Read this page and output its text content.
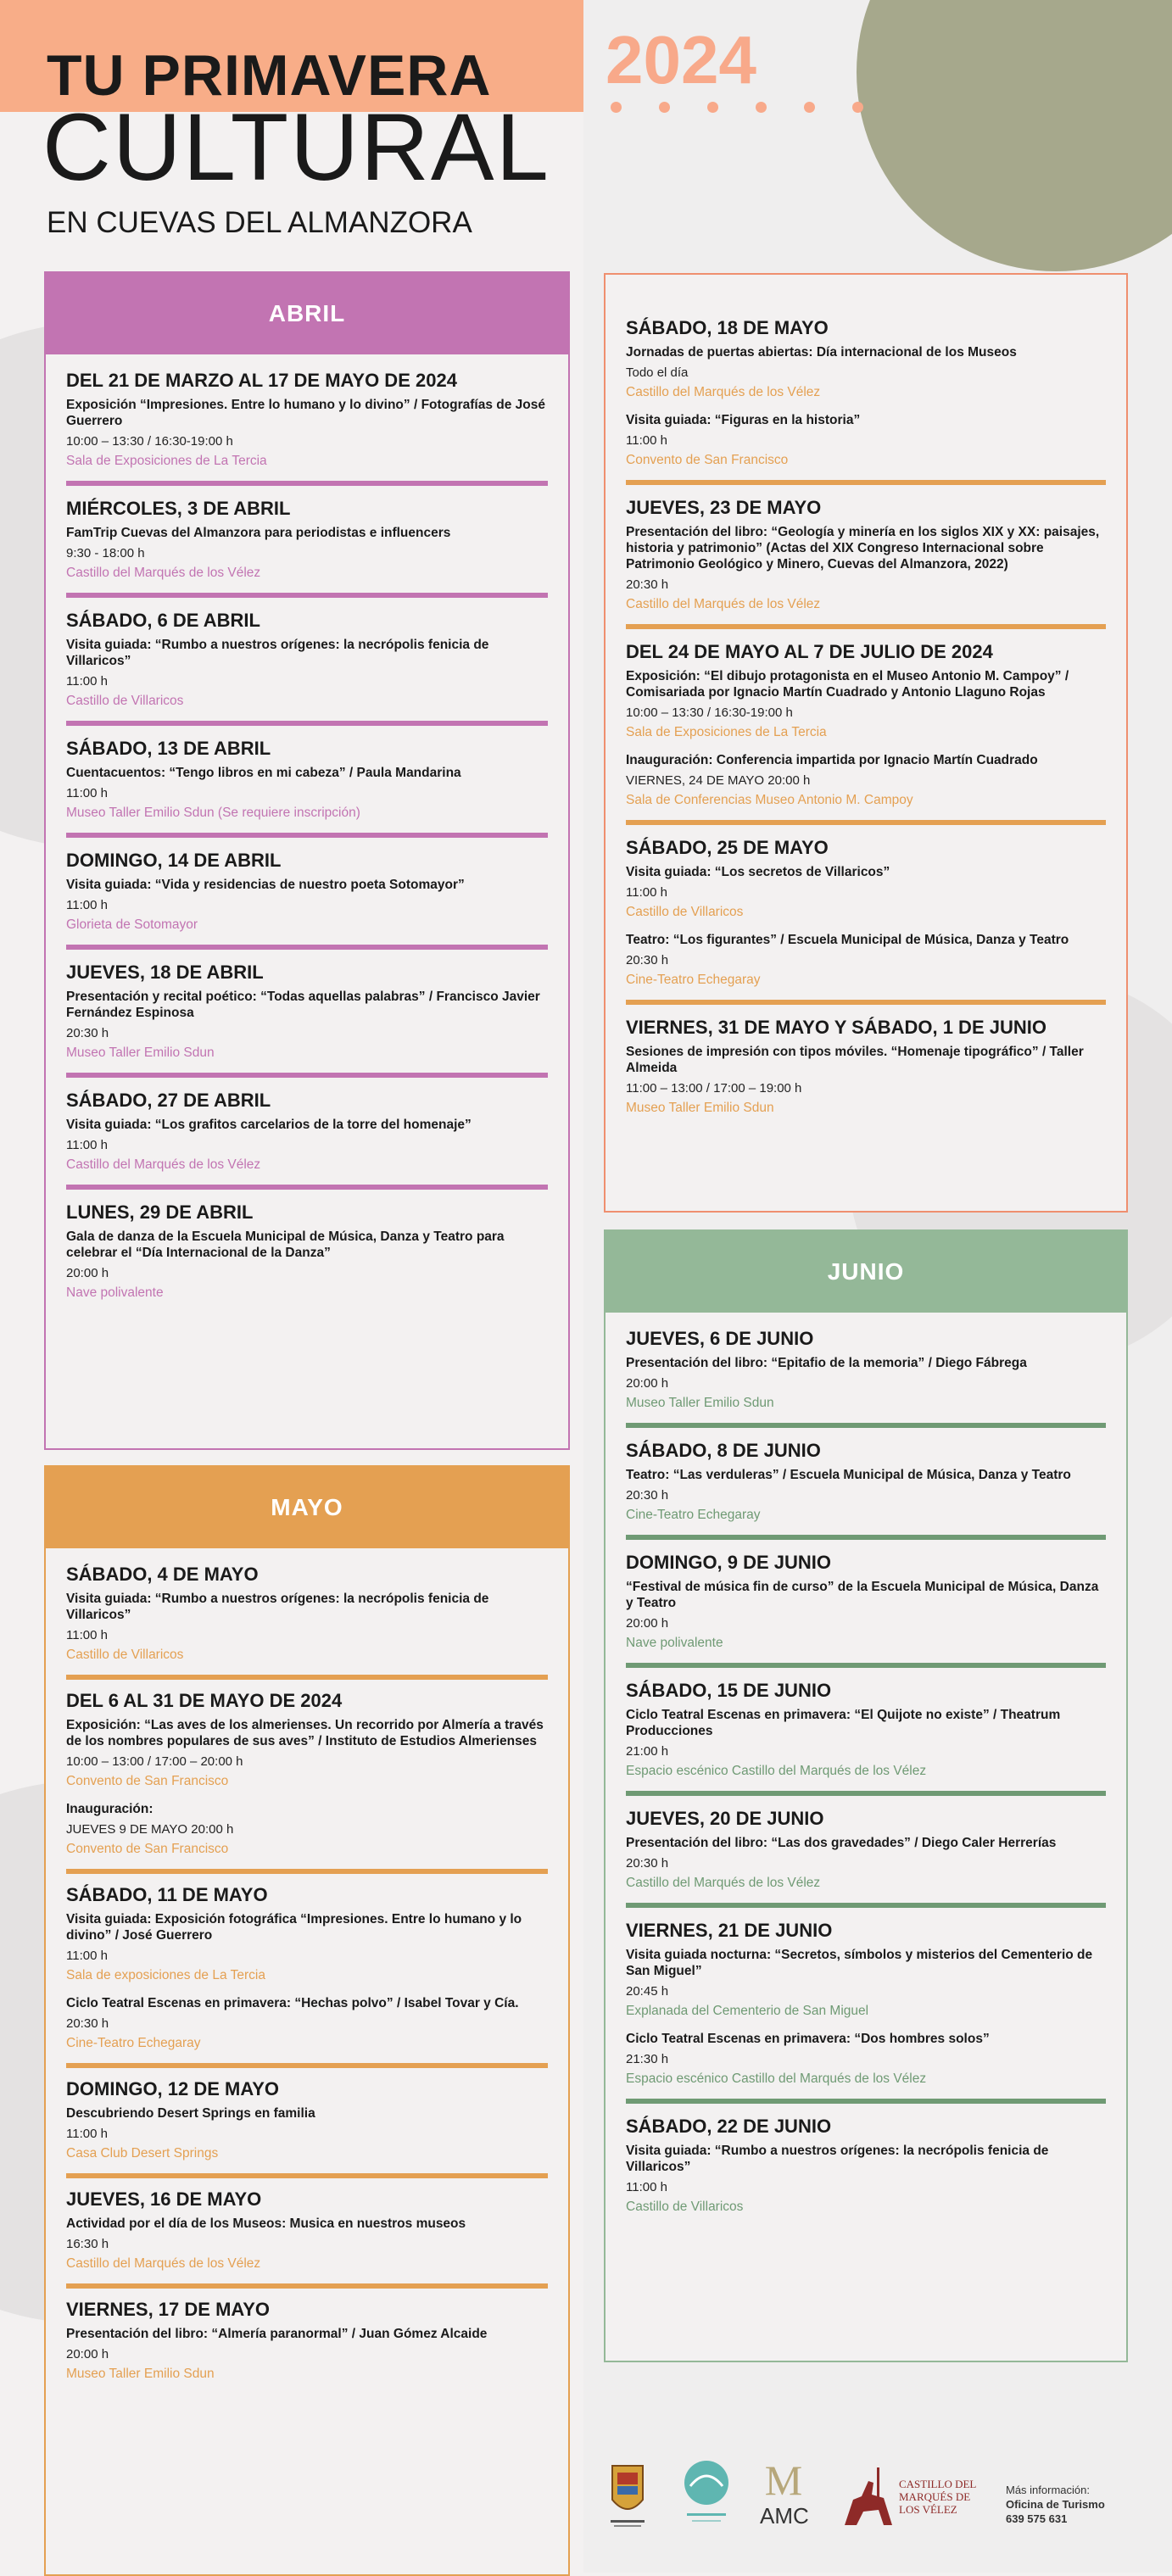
TU PRIMAVERA
CULTURAL
EN CUEVAS DEL ALMANZORA
2024
ABRIL
DEL 21 DE MARZO AL 17 DE MAYO DE 2024
Exposición “Impresiones. Entre lo humano y lo divino” / Fotografías de José Guerrero
10:00 – 13:30 / 16:30-19:00 h
Sala de Exposiciones de La Tercia
MIÉRCOLES, 3 DE ABRIL
FamTrip Cuevas del Almanzora para periodistas e influencers
9:30 - 18:00 h
Castillo del Marqués de los Vélez
SÁBADO, 6 DE ABRIL
Visita guiada: “Rumbo a nuestros orígenes: la necrópolis fenicia de Villaricos”
11:00 h
Castillo de Villaricos
SÁBADO, 13 DE ABRIL
Cuentacuentos: “Tengo libros en mi cabeza” / Paula Mandarina
11:00 h
Museo Taller Emilio Sdun (Se requiere inscripción)
DOMINGO, 14 DE ABRIL
Visita guiada: “Vida y residencias de nuestro poeta Sotomayor”
11:00 h
Glorieta de Sotomayor
JUEVES, 18 DE ABRIL
Presentación y recital poético: “Todas aquellas palabras” / Francisco Javier Fernández Espinosa
20:30 h
Museo Taller Emilio Sdun
SÁBADO, 27 DE ABRIL
Visita guiada: “Los grafitos carcelarios de la torre del homenaje”
11:00 h
Castillo del Marqués de los Vélez
LUNES, 29 DE ABRIL
Gala de danza de la Escuela Municipal de Música, Danza y Teatro para celebrar el “Día Internacional de la Danza”
20:00 h
Nave polivalente
MAYO
SÁBADO, 4 DE MAYO
Visita guiada: “Rumbo a nuestros orígenes: la necrópolis fenicia de Villaricos”
11:00 h
Castillo de Villaricos
DEL 6 AL 31 DE MAYO DE 2024
Exposición: “Las aves de los almerienses. Un recorrido por Almería a través de los nombres populares de sus aves” / Instituto de Estudios Almerienses
10:00 – 13:00 / 17:00 – 20:00 h
Convento de San Francisco
Inauguración:
JUEVES 9 DE MAYO 20:00 h
Convento de San Francisco
SÁBADO, 11 DE MAYO
Visita guiada: Exposición fotográfica “Impresiones. Entre lo humano y lo divino” / José Guerrero
11:00 h
Sala de exposiciones de La Tercia
Ciclo Teatral Escenas en primavera: “Hechas polvo” / Isabel Tovar y Cía.
20:30 h
Cine-Teatro Echegaray
DOMINGO, 12 DE MAYO
Descubriendo Desert Springs en familia
11:00 h
Casa Club Desert Springs
JUEVES, 16 DE MAYO
Actividad por el día de los Museos: Musica en nuestros museos
16:30 h
Castillo del Marqués de los Vélez
VIERNES, 17 DE MAYO
Presentación del libro: “Almería paranormal” / Juan Gómez Alcaide
20:00 h
Museo Taller Emilio Sdun
SÁBADO, 18 DE MAYO
Jornadas de puertas abiertas: Día internacional de los Museos
Todo el día
Castillo del Marqués de los Vélez
Visita guiada: “Figuras en la historia”
11:00 h
Convento de San Francisco
JUEVES, 23 DE MAYO
Presentación del libro: “Geología y minería en los siglos XIX y XX: paisajes, historia y patrimonio” (Actas del XIX Congreso Internacional sobre Patrimonio Geológico y Minero, Cuevas del Almanzora, 2022)
20:30 h
Castillo del Marqués de los Vélez
DEL 24 DE MAYO AL 7 DE JULIO DE 2024
Exposición: “El dibujo protagonista en el Museo Antonio M. Campoy” / Comisariada por Ignacio Martín Cuadrado y Antonio Llaguno Rojas
10:00 – 13:30 / 16:30-19:00 h
Sala de Exposiciones de La Tercia
Inauguración: Conferencia impartida por Ignacio Martín Cuadrado
VIERNES, 24 DE MAYO 20:00 h
Sala de Conferencias Museo Antonio M. Campoy
SÁBADO, 25 DE MAYO
Visita guiada: “Los secretos de Villaricos”
11:00 h
Castillo de Villaricos
Teatro: “Los figurantes” / Escuela Municipal de Música, Danza y Teatro
20:30 h
Cine-Teatro Echegaray
VIERNES, 31 DE MAYO Y SÁBADO, 1 DE JUNIO
Sesiones de impresión con tipos móviles. “Homenaje tipográfico” / Taller Almeida
11:00 – 13:00 / 17:00 – 19:00 h
Museo Taller Emilio Sdun
JUNIO
JUEVES, 6 DE JUNIO
Presentación del libro: “Epitafio de la memoria” / Diego Fábrega
20:00 h
Museo Taller Emilio Sdun
SÁBADO, 8 DE JUNIO
Teatro: “Las verduleras” / Escuela Municipal de Música, Danza y Teatro
20:30 h
Cine-Teatro Echegaray
DOMINGO, 9 DE JUNIO
“Festival de música fin de curso” de la Escuela Municipal de Música, Danza y Teatro
20:00 h
Nave polivalente
SÁBADO, 15 DE JUNIO
Ciclo Teatral Escenas en primavera: “El Quijote no existe” / Theatrum Producciones
21:00 h
Espacio escénico Castillo del Marqués de los Vélez
JUEVES, 20 DE JUNIO
Presentación del libro: “Las dos gravedades” / Diego Caler Herrerías
20:30 h
Castillo del Marqués de los Vélez
VIERNES, 21 DE JUNIO
Visita guiada nocturna: “Secretos, símbolos y misterios del Cementerio de San Miguel”
20:45 h
Explanada del Cementerio de San Miguel
Ciclo Teatral Escenas en primavera: “Dos hombres solos”
21:30 h
Espacio escénico Castillo del Marqués de los Vélez
SÁBADO, 22 DE JUNIO
Visita guiada: “Rumbo a nuestros orígenes: la necrópolis fenicia de Villaricos”
11:00 h
Castillo de Villaricos
M
AMC
CASTILLO DEL MARQUÉS DE LOS VÉLEZ
Más información:
Oficina de Turismo
639 575 631
